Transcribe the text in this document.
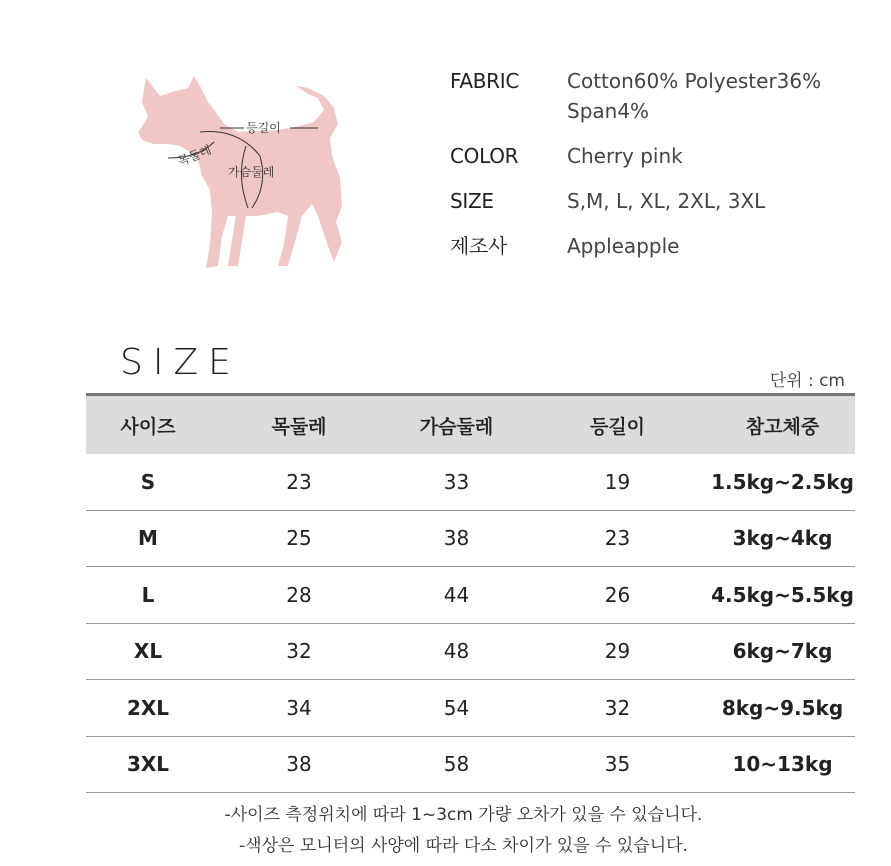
등길이
목둘레
가슴둘레
FABRIC	Cotton60% Polyester36% Span4%
COLOR	Cherry pink
SIZE	S,M, L, XL, 2XL, 3XL
제조사	Appleapple
SIZE	단위 : cm
사이즈	목둘레	가슴둘레	등길이	참고체중
S	23	33	19	1.5kg~2.5kg
M	25	38	23	3kg~4kg
L	28	44	26	4.5kg~5.5kg
XL	32	48	29	6kg~7kg
2XL	34	54	32	8kg~9.5kg
3XL	38	58	35	10~13kg
-사이즈 측정위치에 따라 1~3cm 가량 오차가 있을 수 있습니다.
-색상은 모니터의 사양에 따라 다소 차이가 있을 수 있습니다.
